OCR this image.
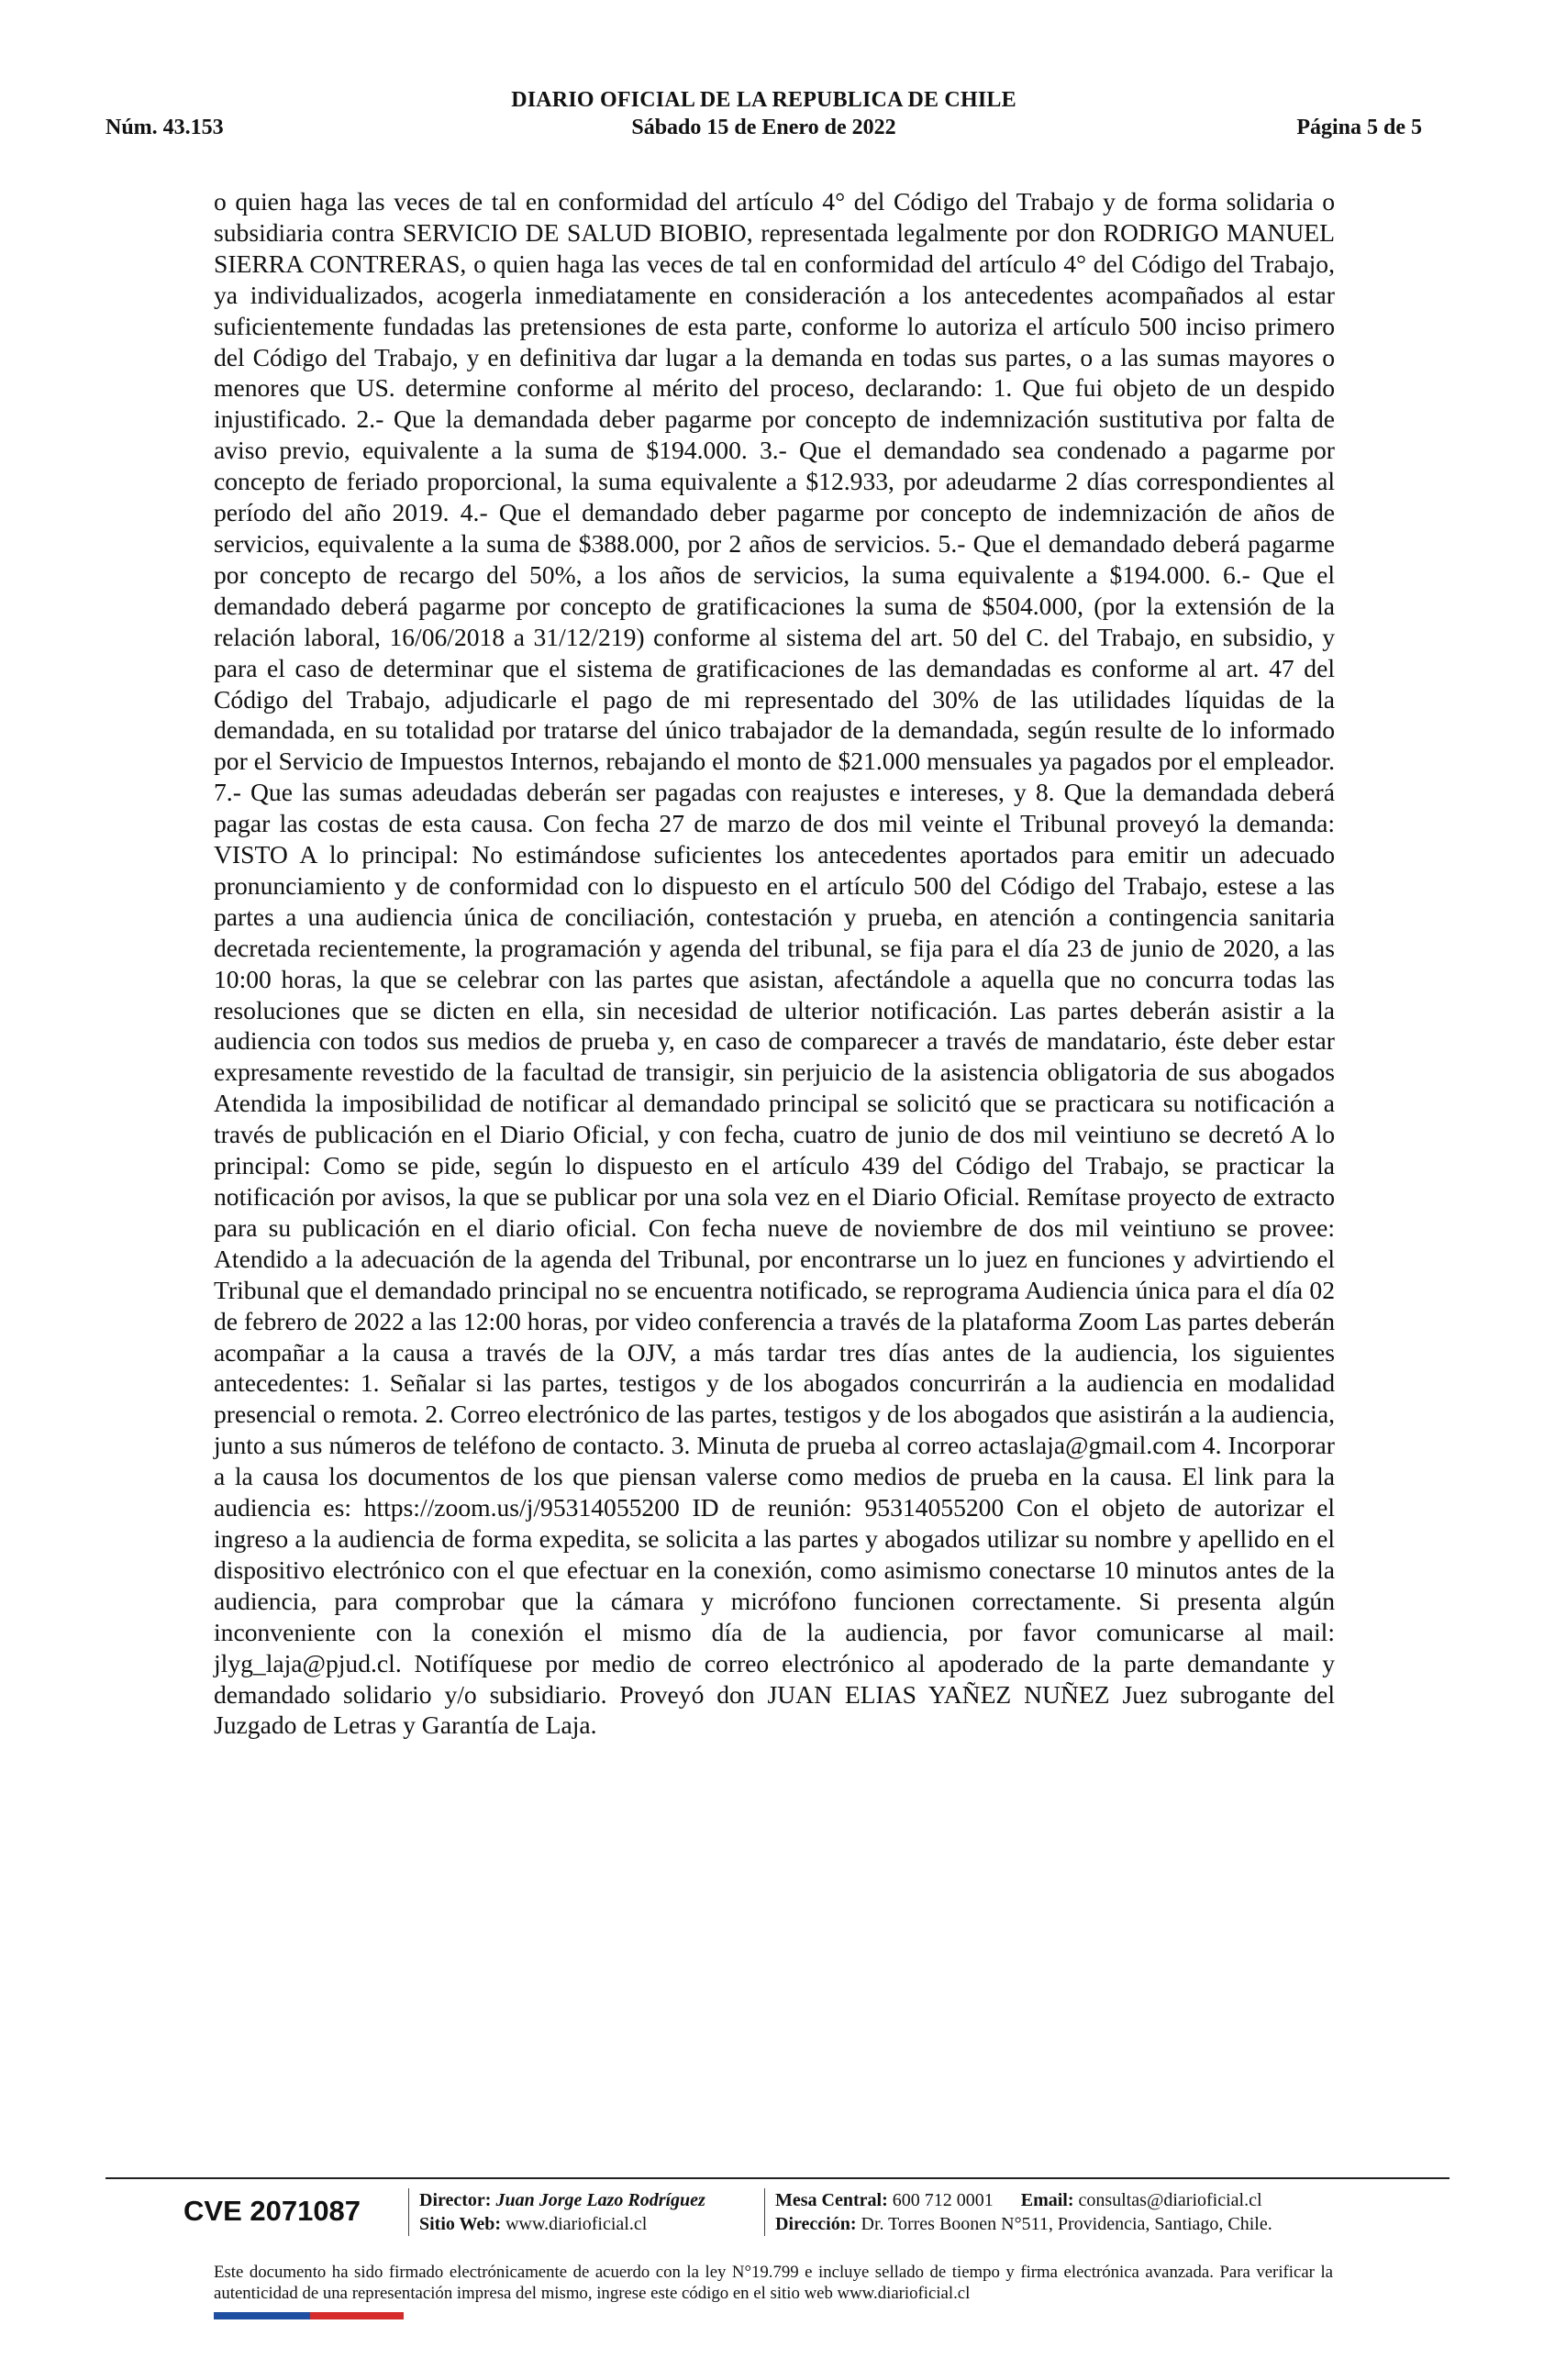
DIARIO OFICIAL DE LA REPUBLICA DE CHILE
Núm. 43.153	Sábado 15 de Enero de 2022	Página 5 de 5

o quien haga las veces de tal en conformidad del artículo 4° del Código del Trabajo y de forma solidaria o subsidiaria contra SERVICIO DE SALUD BIOBIO, representada legalmente por don RODRIGO MANUEL SIERRA CONTRERAS, o quien haga las veces de tal en conformidad del artículo 4° del Código del Trabajo, ya individualizados, acogerla inmediatamente en consideración a los antecedentes acompañados al estar suficientemente fundadas las pretensiones de esta parte, conforme lo autoriza el artículo 500 inciso primero del Código del Trabajo, y en definitiva dar lugar a la demanda en todas sus partes, o a las sumas mayores o menores que US. determine conforme al mérito del proceso, declarando: 1. Que fui objeto de un despido injustificado. 2.- Que la demandada deber pagarme por concepto de indemnización sustitutiva por falta de aviso previo, equivalente a la suma de $194.000. 3.- Que el demandado sea condenado a pagarme por concepto de feriado proporcional, la suma equivalente a $12.933, por adeudarme 2 días correspondientes al período del año 2019. 4.- Que el demandado deber pagarme por concepto de indemnización de años de servicios, equivalente a la suma de $388.000, por 2 años de servicios. 5.- Que el demandado deberá pagarme por concepto de recargo del 50%, a los años de servicios, la suma equivalente a $194.000. 6.- Que el demandado deberá pagarme por concepto de gratificaciones la suma de $504.000, (por la extensión de la relación laboral, 16/06/2018 a 31/12/219) conforme al sistema del art. 50 del C. del Trabajo, en subsidio, y para el caso de determinar que el sistema de gratificaciones de las demandadas es conforme al art. 47 del Código del Trabajo, adjudicarle el pago de mi representado del 30% de las utilidades líquidas de la demandada, en su totalidad por tratarse del único trabajador de la demandada, según resulte de lo informado por el Servicio de Impuestos Internos, rebajando el monto de $21.000 mensuales ya pagados por el empleador. 7.- Que las sumas adeudadas deberán ser pagadas con reajustes e intereses, y 8. Que la demandada deberá pagar las costas de esta causa. Con fecha 27 de marzo de dos mil veinte el Tribunal proveyó la demanda: VISTO A lo principal: No estimándose suficientes los antecedentes aportados para emitir un adecuado pronunciamiento y de conformidad con lo dispuesto en el artículo 500 del Código del Trabajo, estese a las partes a una audiencia única de conciliación, contestación y prueba, en atención a contingencia sanitaria decretada recientemente, la programación y agenda del tribunal, se fija para el día 23 de junio de 2020, a las 10:00 horas, la que se celebrar con las partes que asistan, afectándole a aquella que no concurra todas las resoluciones que se dicten en ella, sin necesidad de ulterior notificación. Las partes deberán asistir a la audiencia con todos sus medios de prueba y, en caso de comparecer a través de mandatario, éste deber estar expresamente revestido de la facultad de transigir, sin perjuicio de la asistencia obligatoria de sus abogados Atendida la imposibilidad de notificar al demandado principal se solicitó que se practicara su notificación a través de publicación en el Diario Oficial, y con fecha, cuatro de junio de dos mil veintiuno se decretó A lo principal: Como se pide, según lo dispuesto en el artículo 439 del Código del Trabajo, se practicar la notificación por avisos, la que se publicar por una sola vez en el Diario Oficial. Remítase proyecto de extracto para su publicación en el diario oficial. Con fecha nueve de noviembre de dos mil veintiuno se provee: Atendido a la adecuación de la agenda del Tribunal, por encontrarse un lo juez en funciones y advirtiendo el Tribunal que el demandado principal no se encuentra notificado, se reprograma Audiencia única para el día 02 de febrero de 2022 a las 12:00 horas, por video conferencia a través de la plataforma Zoom Las partes deberán acompañar a la causa a través de la OJV, a más tardar tres días antes de la audiencia, los siguientes antecedentes: 1. Señalar si las partes, testigos y de los abogados concurrirán a la audiencia en modalidad presencial o remota. 2. Correo electrónico de las partes, testigos y de los abogados que asistirán a la audiencia, junto a sus números de teléfono de contacto. 3. Minuta de prueba al correo actaslaja@gmail.com 4. Incorporar a la causa los documentos de los que piensan valerse como medios de prueba en la causa. El link para la audiencia es: https://zoom.us/j/95314055200 ID de reunión: 95314055200 Con el objeto de autorizar el ingreso a la audiencia de forma expedita, se solicita a las partes y abogados utilizar su nombre y apellido en el dispositivo electrónico con el que efectuar en la conexión, como asimismo conectarse 10 minutos antes de la audiencia, para comprobar que la cámara y micrófono funcionen correctamente. Si presenta algún inconveniente con la conexión el mismo día de la audiencia, por favor comunicarse al mail: jlyg_laja@pjud.cl. Notifíquese por medio de correo electrónico al apoderado de la parte demandante y demandado solidario y/o subsidiario. Proveyó don JUAN ELIAS YAÑEZ NUÑEZ Juez subrogante del Juzgado de Letras y Garantía de Laja.

CVE 2071087	Director: Juan Jorge Lazo Rodríguez
Sitio Web: www.diarioficial.cl
Mesa Central: 600 712 0001 Email: consultas@diarioficial.cl
Dirección: Dr. Torres Boonen N°511, Providencia, Santiago, Chile.

Este documento ha sido firmado electrónicamente de acuerdo con la ley N°19.799 e incluye sellado de tiempo y firma electrónica avanzada. Para verificar la autenticidad de una representación impresa del mismo, ingrese este código en el sitio web www.diarioficial.cl
